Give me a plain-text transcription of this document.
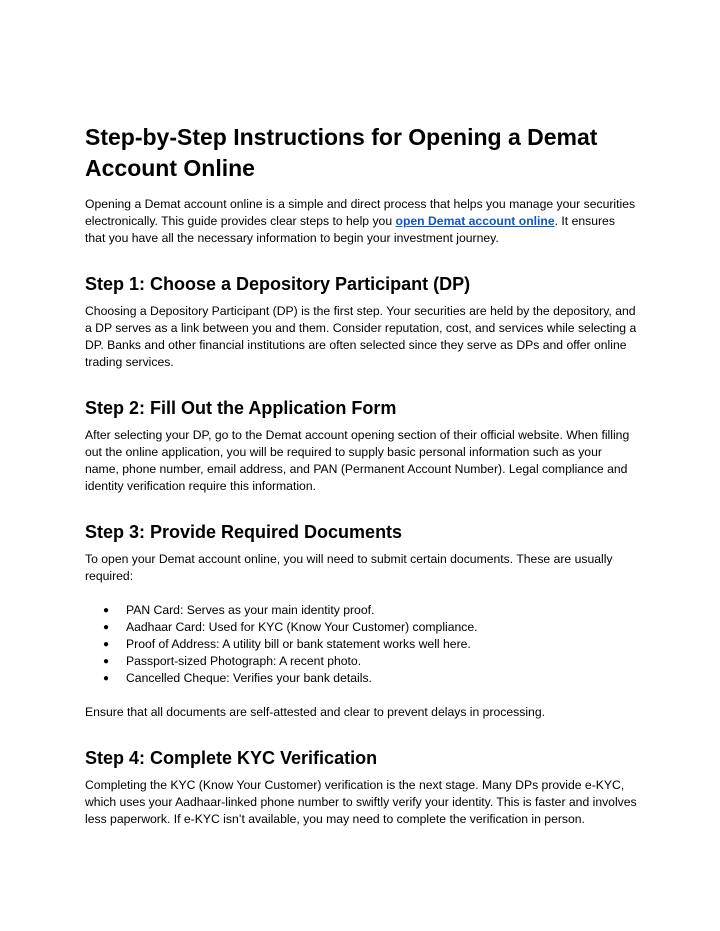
Step-by-Step Instructions for Opening a Demat Account Online

Opening a Demat account online is a simple and direct process that helps you manage your securities electronically. This guide provides clear steps to help you open Demat account online. It ensures that you have all the necessary information to begin your investment journey.

Step 1: Choose a Depository Participant (DP)

Choosing a Depository Participant (DP) is the first step. Your securities are held by the depository, and a DP serves as a link between you and them. Consider reputation, cost, and services while selecting a DP. Banks and other financial institutions are often selected since they serve as DPs and offer online trading services.

Step 2: Fill Out the Application Form

After selecting your DP, go to the Demat account opening section of their official website. When filling out the online application, you will be required to supply basic personal information such as your name, phone number, email address, and PAN (Permanent Account Number). Legal compliance and identity verification require this information.

Step 3: Provide Required Documents

To open your Demat account online, you will need to submit certain documents. These are usually required:

● PAN Card: Serves as your main identity proof.
● Aadhaar Card: Used for KYC (Know Your Customer) compliance.
● Proof of Address: A utility bill or bank statement works well here.
● Passport-sized Photograph: A recent photo.
● Cancelled Cheque: Verifies your bank details.

Ensure that all documents are self-attested and clear to prevent delays in processing.

Step 4: Complete KYC Verification

Completing the KYC (Know Your Customer) verification is the next stage. Many DPs provide e-KYC, which uses your Aadhaar-linked phone number to swiftly verify your identity. This is faster and involves less paperwork. If e-KYC isn’t available, you may need to complete the verification in person.
